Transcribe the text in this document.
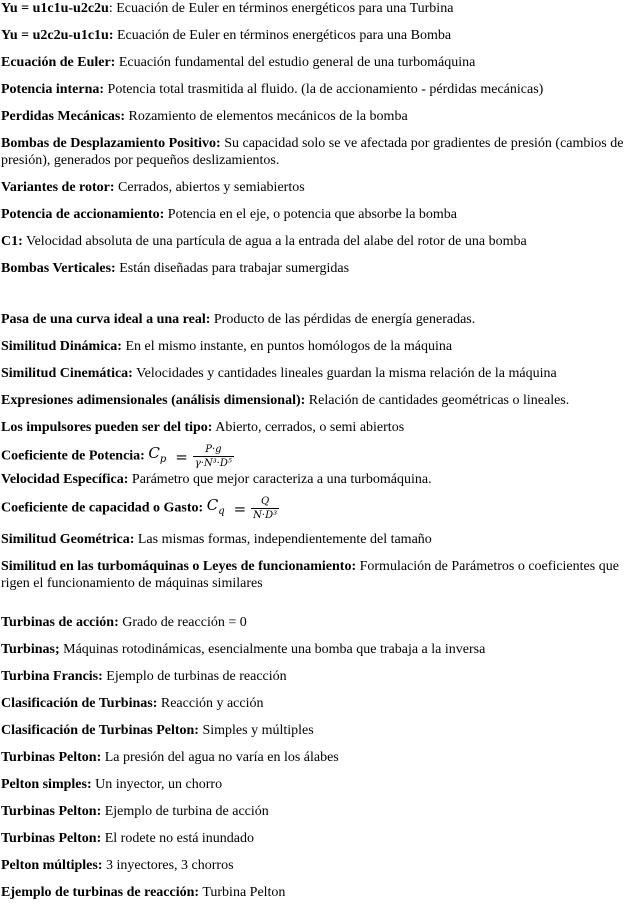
Yu = u1c1u-u2c2u: Ecuación de Euler en términos energéticos para una Turbina

Yu = u2c2u-u1c1u: Ecuación de Euler en términos energéticos para una Bomba

Ecuación de Euler: Ecuación fundamental del estudio general de una turbomáquina

Potencia interna: Potencia total trasmitida al fluido. (la de accionamiento - pérdidas mecánicas)

Perdidas Mecánicas: Rozamiento de elementos mecánicos de la bomba

Bombas de Desplazamiento Positivo: Su capacidad solo se ve afectada por gradientes de presión (cambios de presión), generados por pequeños deslizamientos.

Variantes de rotor: Cerrados, abiertos y semiabiertos

Potencia de accionamiento: Potencia en el eje, o potencia que absorbe la bomba

C1: Velocidad absoluta de una partícula de agua a la entrada del alabe del rotor de una bomba

Bombas Verticales: Están diseñadas para trabajar sumergidas

Pasa de una curva ideal a una real: Producto de las pérdidas de energía generadas.

Similitud Dinámica: En el mismo instante, en puntos homólogos de la máquina

Similitud Cinemática: Velocidades y cantidades lineales guardan la misma relación de la máquina

Expresiones adimensionales (análisis dimensional): Relación de cantidades geométricas o lineales.

Los impulsores pueden ser del tipo: Abierto, cerrados, o semi abiertos

Coeficiente de Potencia: $C_p = \frac{P\cdot g}{\text{γ·N³·D⁵}}$

Velocidad Específica: Parámetro que mejor caracteriza a una turbomáquina.

Coeficiente de capacidad o Gasto: $C_q = \frac{Q}{\text{N·D³}}$

Similitud Geométrica: Las mismas formas, independientemente del tamaño

Similitud en las turbomáquinas o Leyes de funcionamiento: Formulación de Parámetros o coeficientes que rigen el funcionamiento de máquinas similares

Turbinas de acción: Grado de reacción = 0

Turbinas; Máquinas rotodinámicas, esencialmente una bomba que trabaja a la inversa

Turbina Francis: Ejemplo de turbinas de reacción

Clasificación de Turbinas: Reacción y acción

Clasificación de Turbinas Pelton: Simples y múltiples

Turbinas Pelton: La presión del agua no varía en los álabes

Pelton simples: Un inyector, un chorro

Turbinas Pelton: Ejemplo de turbina de acción

Turbinas Pelton: El rodete no está inundado

Pelton múltiples: 3 inyectores, 3 chorros

Ejemplo de turbinas de reacción: Turbina Pelton
